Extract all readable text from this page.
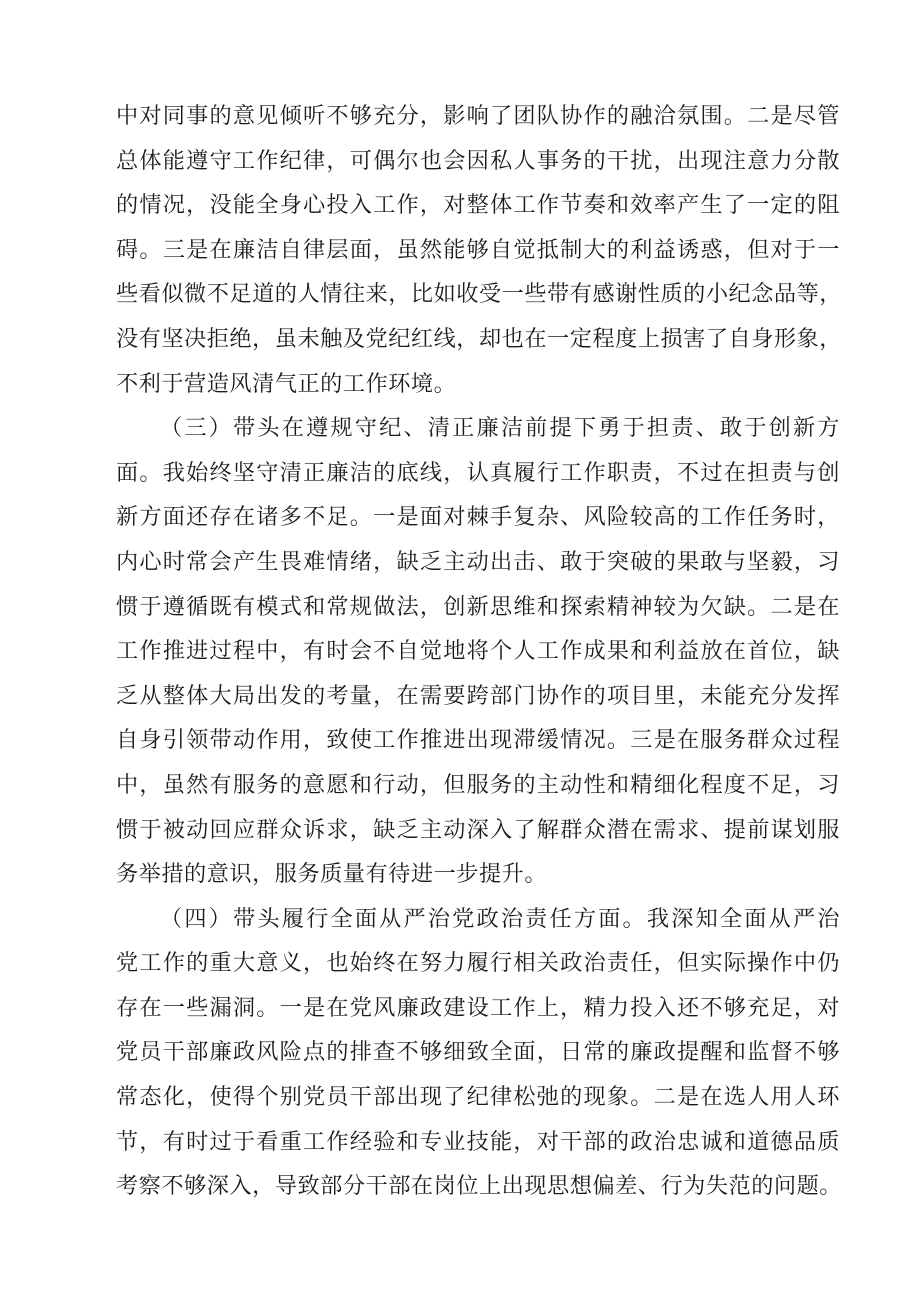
中对同事的意见倾听不够充分，影响了团队协作的融洽氛围。二是尽管
总体能遵守工作纪律，可偶尔也会因私人事务的干扰，出现注意力分散
的情况，没能全身心投入工作，对整体工作节奏和效率产生了一定的阻
碍。三是在廉洁自律层面，虽然能够自觉抵制大的利益诱惑，但对于一
些看似微不足道的人情往来，比如收受一些带有感谢性质的小纪念品等，
没有坚决拒绝，虽未触及党纪红线，却也在一定程度上损害了自身形象，
不利于营造风清气正的工作环境。
（三）带头在遵规守纪、清正廉洁前提下勇于担责、敢于创新方
面。我始终坚守清正廉洁的底线，认真履行工作职责，不过在担责与创
新方面还存在诸多不足。一是面对棘手复杂、风险较高的工作任务时，
内心时常会产生畏难情绪，缺乏主动出击、敢于突破的果敢与坚毅，习
惯于遵循既有模式和常规做法，创新思维和探索精神较为欠缺。二是在
工作推进过程中，有时会不自觉地将个人工作成果和利益放在首位，缺
乏从整体大局出发的考量，在需要跨部门协作的项目里，未能充分发挥
自身引领带动作用，致使工作推进出现滞缓情况。三是在服务群众过程
中，虽然有服务的意愿和行动，但服务的主动性和精细化程度不足，习
惯于被动回应群众诉求，缺乏主动深入了解群众潜在需求、提前谋划服
务举措的意识，服务质量有待进一步提升。
（四）带头履行全面从严治党政治责任方面。我深知全面从严治
党工作的重大意义，也始终在努力履行相关政治责任，但实际操作中仍
存在一些漏洞。一是在党风廉政建设工作上，精力投入还不够充足，对
党员干部廉政风险点的排查不够细致全面，日常的廉政提醒和监督不够
常态化，使得个别党员干部出现了纪律松弛的现象。二是在选人用人环
节，有时过于看重工作经验和专业技能，对干部的政治忠诚和道德品质
考察不够深入，导致部分干部在岗位上出现思想偏差、行为失范的问题。
